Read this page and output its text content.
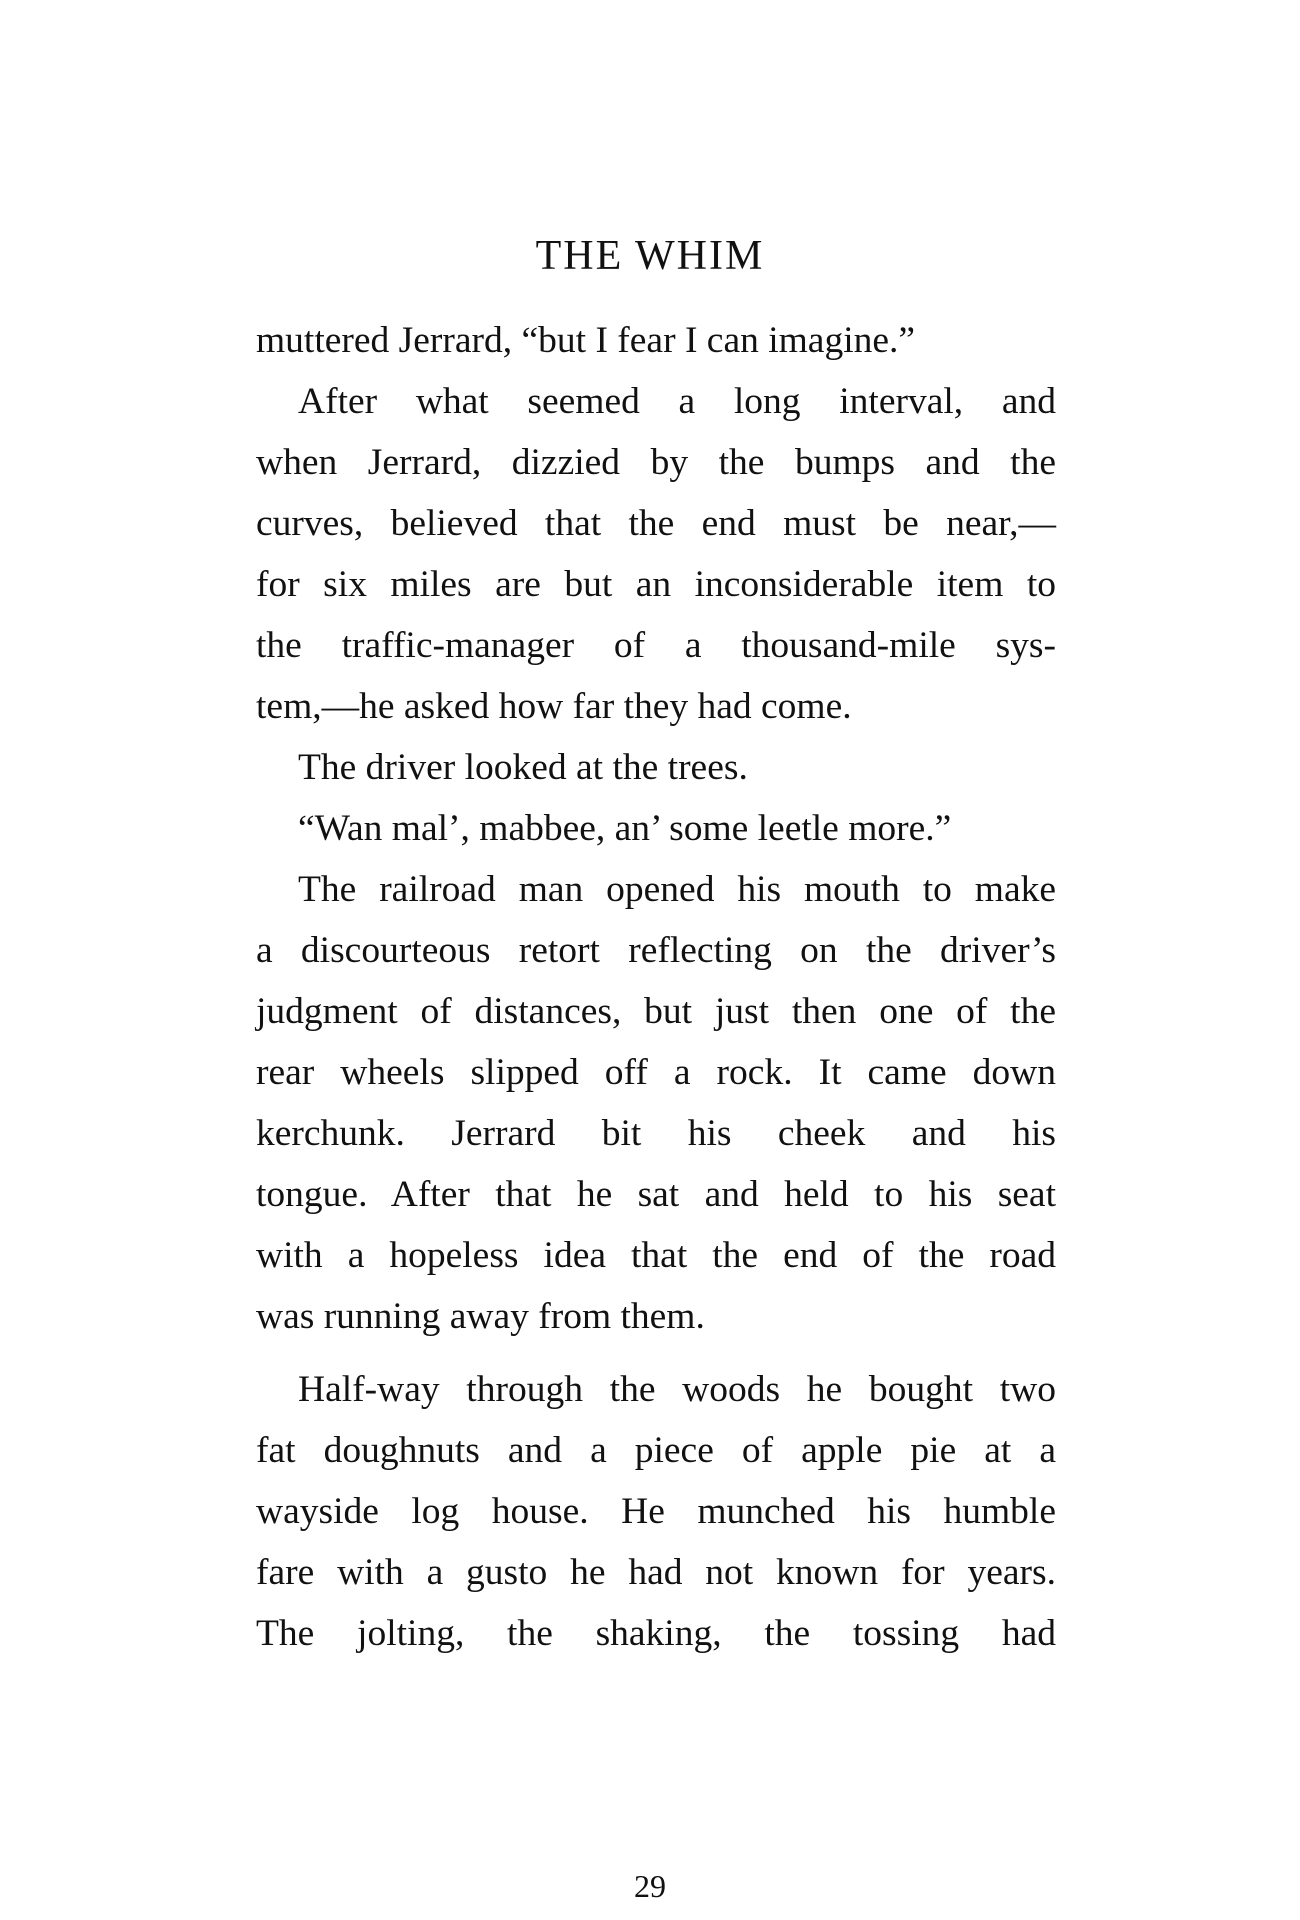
THE WHIM

muttered Jerrard, “but I fear I can imagine.”

After what seemed a long interval, and
when Jerrard, dizzied by the bumps and the
curves, believed that the end must be near,—
for six miles are but an inconsiderable item to
the traffic-manager of a thousand-mile sys-
tem,—he asked how far they had come.

The driver looked at the trees.

“Wan mal’, mabbee, an’ some leetle more.”

The railroad man opened his mouth to make
a discourteous retort reflecting on the driver’s
judgment of distances, but just then one of the
rear wheels slipped off a rock. It came down
kerchunk. Jerrard bit his cheek and his
tongue. After that he sat and held to his seat
with a hopeless idea that the end of the road
was running away from them.

Half-way through the woods he bought two
fat doughnuts and a piece of apple pie at a
wayside log house. He munched his humble
fare with a gusto he had not known for years.
The jolting, the shaking, the tossing had

29
